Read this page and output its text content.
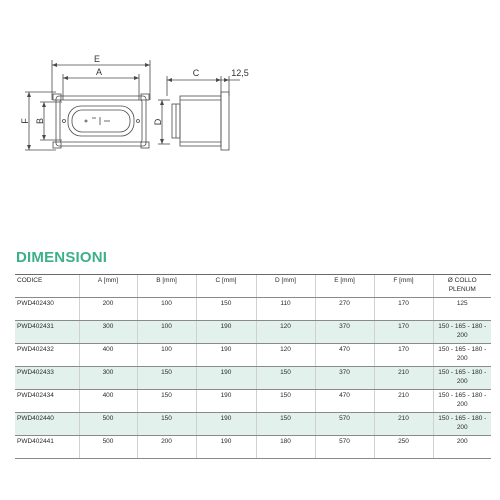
E
A
F B
C	12,5
D
DIMENSIONI
CODICE	A [mm]	B [mm]	C [mm]	D [mm]	E [mm]	F [mm]	Ø COLLO PLENUM
PWD402430	200	100	150	110	270	170	125
PWD402431	300	100	190	120	370	170	150 - 165 - 180 - 200
PWD402432	400	100	190	120	470	170	150 - 165 - 180 - 200
PWD402433	300	150	190	150	370	210	150 - 165 - 180 - 200
PWD402434	400	150	190	150	470	210	150 - 165 - 180 - 200
PWD402440	500	150	190	150	570	210	150 - 165 - 180 - 200
PWD402441	500	200	190	180	570	250	200
